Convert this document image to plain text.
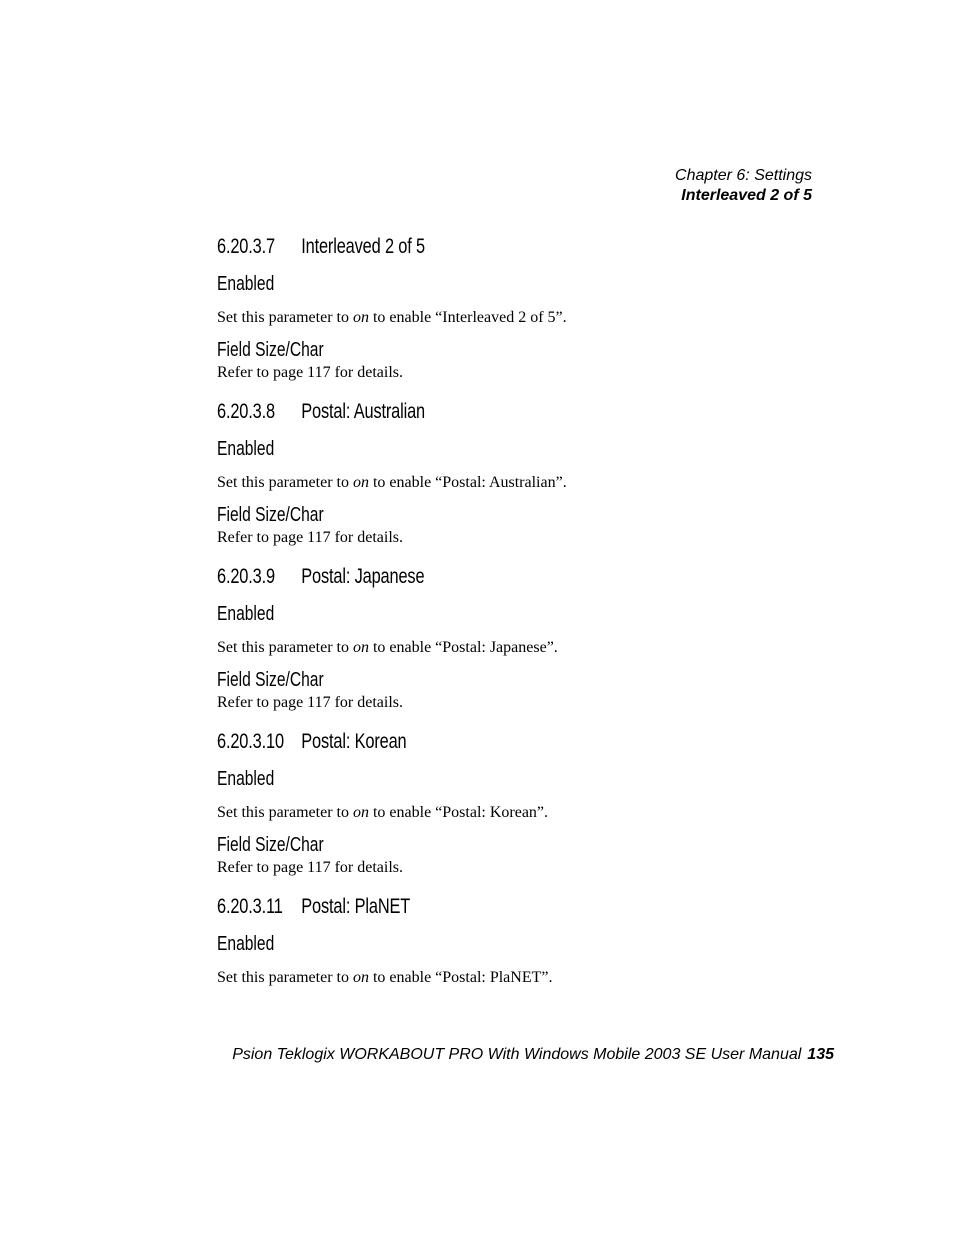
Chapter 6: Settings
Interleaved 2 of 5
6.20.3.7 Interleaved 2 of 5
Enabled
Set this parameter to on to enable “Interleaved 2 of 5”.
Field Size/Char
Refer to page 117 for details.
6.20.3.8 Postal: Australian
Enabled
Set this parameter to on to enable “Postal: Australian”.
Field Size/Char
Refer to page 117 for details.
6.20.3.9 Postal: Japanese
Enabled
Set this parameter to on to enable “Postal: Japanese”.
Field Size/Char
Refer to page 117 for details.
6.20.3.10 Postal: Korean
Enabled
Set this parameter to on to enable “Postal: Korean”.
Field Size/Char
Refer to page 117 for details.
6.20.3.11 Postal: PlaNET
Enabled
Set this parameter to on to enable “Postal: PlaNET”.
Psion Teklogix WORKABOUT PRO With Windows Mobile 2003 SE User Manual 135
